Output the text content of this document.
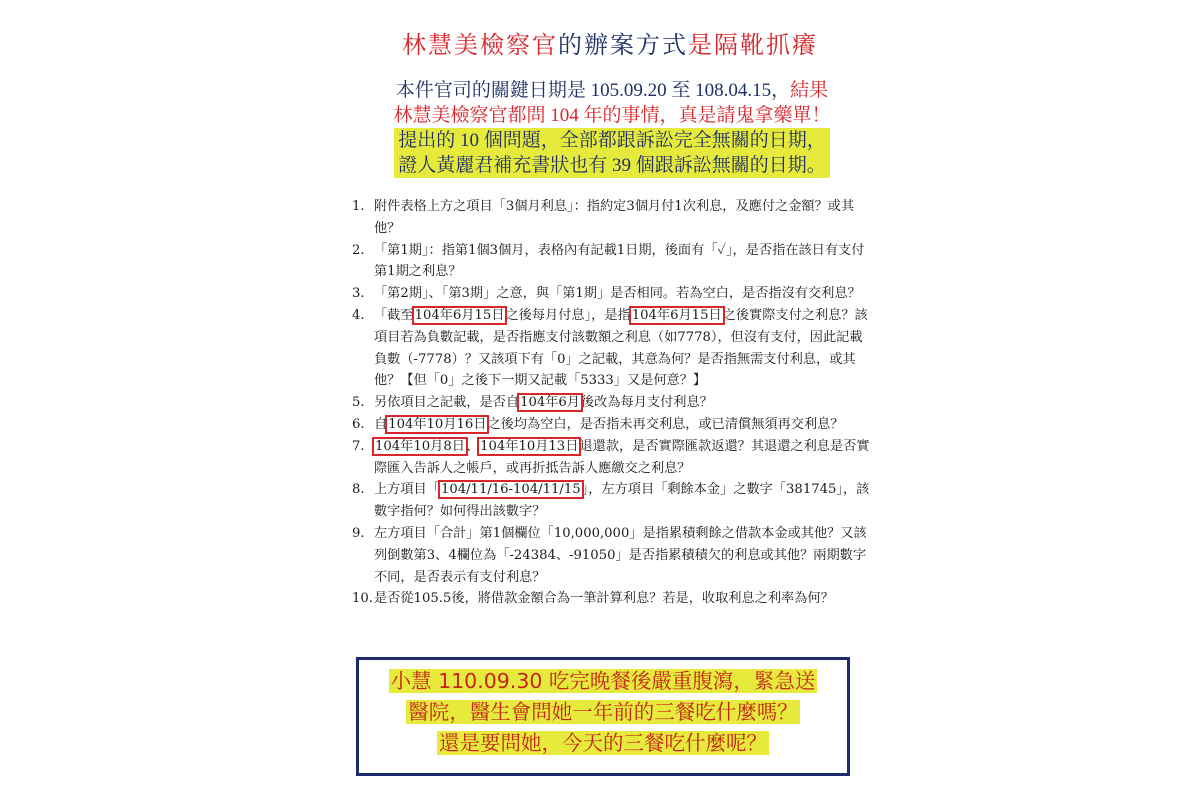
林慧美檢察官的辦案方式是隔靴抓癢
本件官司的關鍵日期是 105.09.20 至 108.04.15，結果
林慧美檢察官都問 104 年的事情，真是請鬼拿藥單！
提出的 10 個問題，全部都跟訴訟完全無關的日期，
證人黃麗君補充書狀也有 39 個跟訴訟無關的日期。

1. 附件表格上方之項目「3個月利息」：指約定3個月付1次利息，及應付之金額？或其他？

2. 「第1期」：指第1個3個月，表格內有記載1日期，後面有「✓」，是否指在該日有支付第1期之利息？

3. 「第2期」、「第3期」之意，與「第1期」是否相同。若為空白，是否指沒有交利息？

4. 「截至104年6月15日之後每月付息」，是指104年6月15日之後實際支付之利息？該項目若為負數記載，是否指應支付該數額之利息（如7778），但沒有支付，因此記載負數（-7778）？又該項下有「0」之記載，其意為何？是否指無需支付利息，或其他？【但「0」之後下一期又記載「5333」又是何意？】

5. 另依項目之記載，是否自104年6月後改為每月支付利息？

6. 自104年10月16日之後均為空白，是否指未再交利息，或已清償無須再交利息？

7. 104年10月8日、104年10月13日退還款，是否實際匯款返還？其退還之利息是否實際匯入告訴人之帳戶，或再折抵告訴人應繳交之利息？

8. 上方項目「104/11/16-104/11/15」，左方項目「剩餘本金」之數字「381745」，該數字指何？如何得出該數字？

9. 左方項目「合計」第1個欄位「10,000,000」是指累積剩餘之借款本金或其他？又該列倒數第3、4欄位為「-24384、-91050」是否指累積積欠的利息或其他？兩期數字不同，是否表示有支付利息？

10.是否從105.5後，將借款金額合為一筆計算利息？若是，收取利息之利率為何？

小慧 110.09.30 吃完晚餐後嚴重腹瀉，緊急送
醫院，醫生會問她一年前的三餐吃什麼嗎？
還是要問她，今天的三餐吃什麼呢？
